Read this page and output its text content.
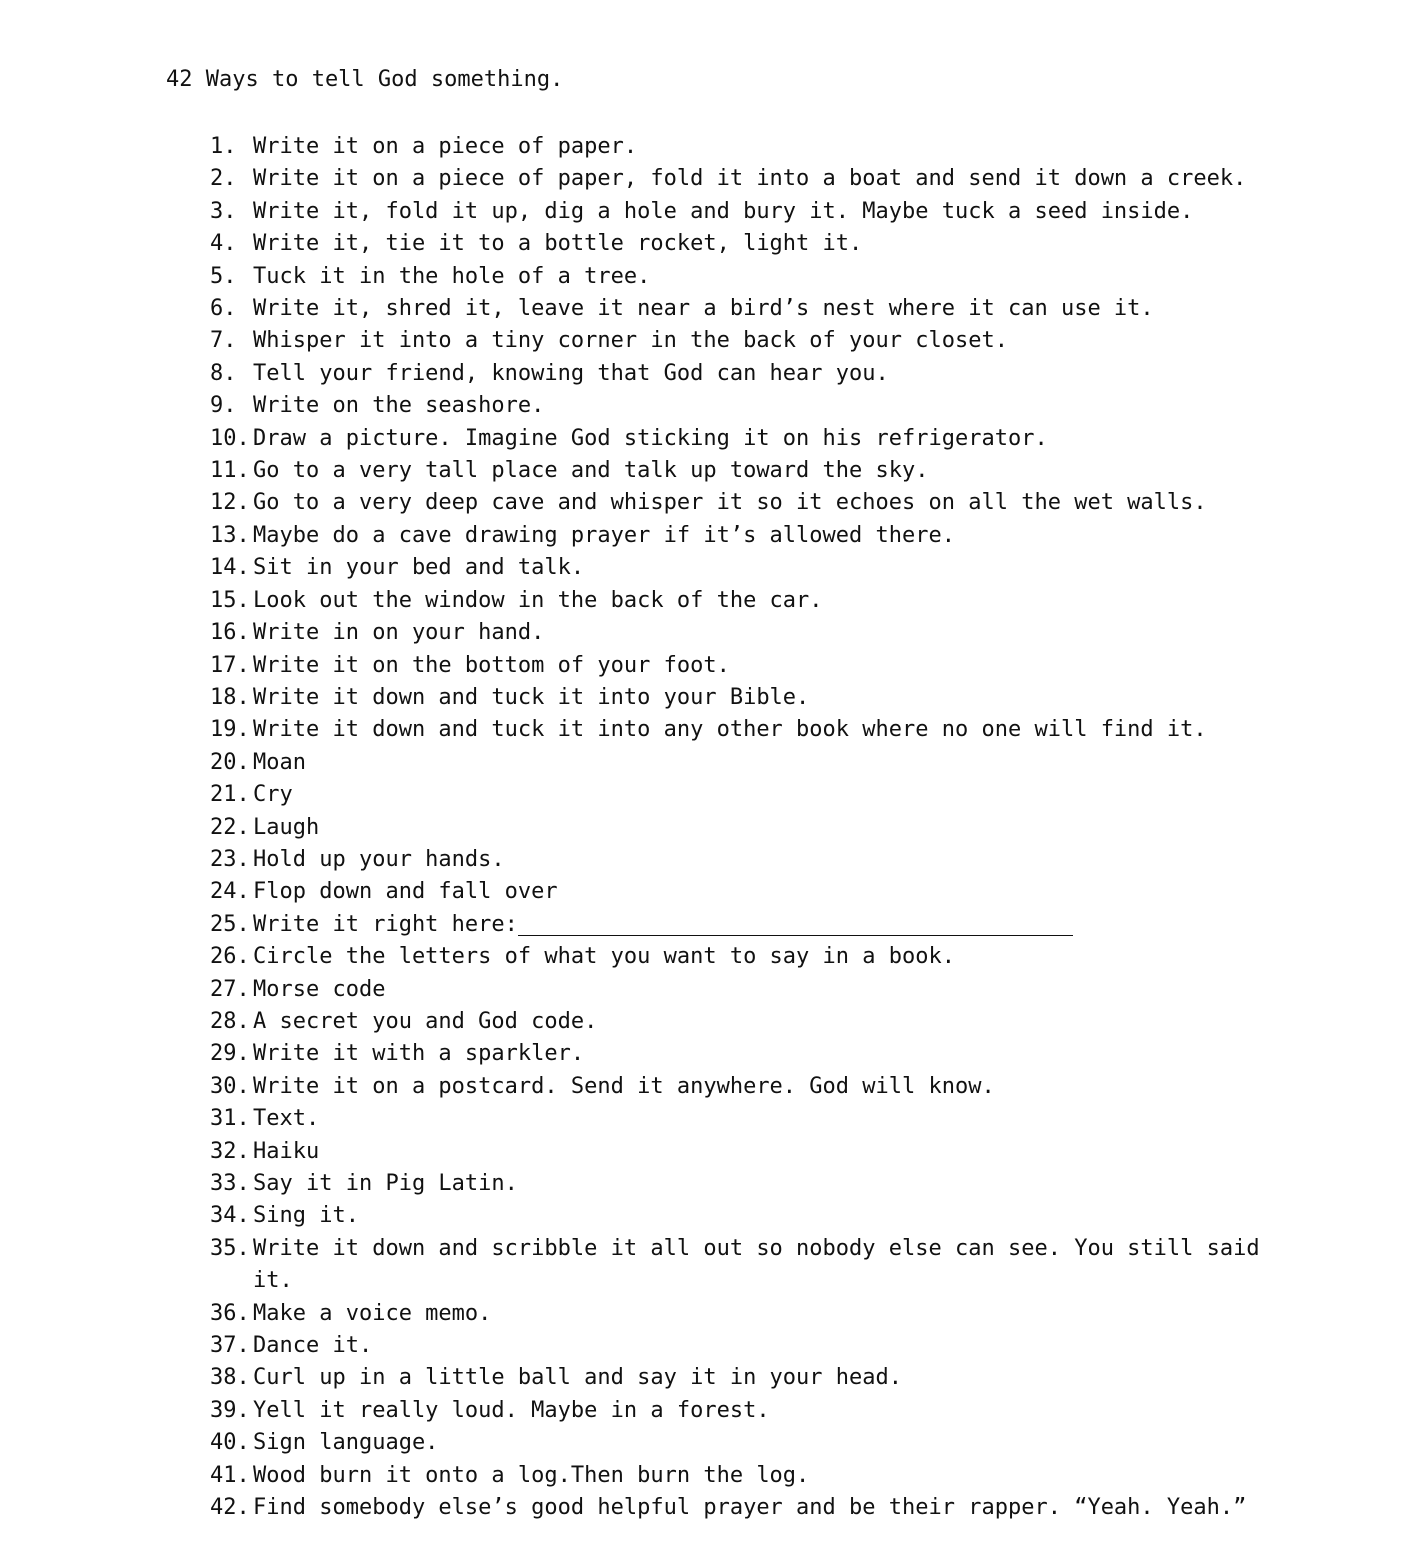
42 Ways to tell God something.
1. Write it on a piece of paper.
2. Write it on a piece of paper, fold it into a boat and send it down a creek.
3. Write it, fold it up, dig a hole and bury it. Maybe tuck a seed inside.
4. Write it, tie it to a bottle rocket, light it.
5. Tuck it in the hole of a tree.
6. Write it, shred it, leave it near a bird’s nest where it can use it.
7. Whisper it into a tiny corner in the back of your closet.
8. Tell your friend, knowing that God can hear you.
9. Write on the seashore.
10. Draw a picture. Imagine God sticking it on his refrigerator.
11. Go to a very tall place and talk up toward the sky.
12. Go to a very deep cave and whisper it so it echoes on all the wet walls.
13. Maybe do a cave drawing prayer if it’s allowed there.
14. Sit in your bed and talk.
15. Look out the window in the back of the car.
16. Write in on your hand.
17. Write it on the bottom of your foot.
18. Write it down and tuck it into your Bible.
19. Write it down and tuck it into any other book where no one will find it.
20. Moan
21. Cry
22. Laugh
23. Hold up your hands.
24. Flop down and fall over
25. Write it right here:
26. Circle the letters of what you want to say in a book.
27. Morse code
28. A secret you and God code.
29. Write it with a sparkler.
30. Write it on a postcard. Send it anywhere. God will know.
31. Text.
32. Haiku
33. Say it in Pig Latin.
34. Sing it.
35. Write it down and scribble it all out so nobody else can see. You still said it.
36. Make a voice memo.
37. Dance it.
38. Curl up in a little ball and say it in your head.
39. Yell it really loud. Maybe in a forest.
40. Sign language.
41. Wood burn it onto a log.Then burn the log.
42. Find somebody else’s good helpful prayer and be their rapper. “Yeah. Yeah.”
